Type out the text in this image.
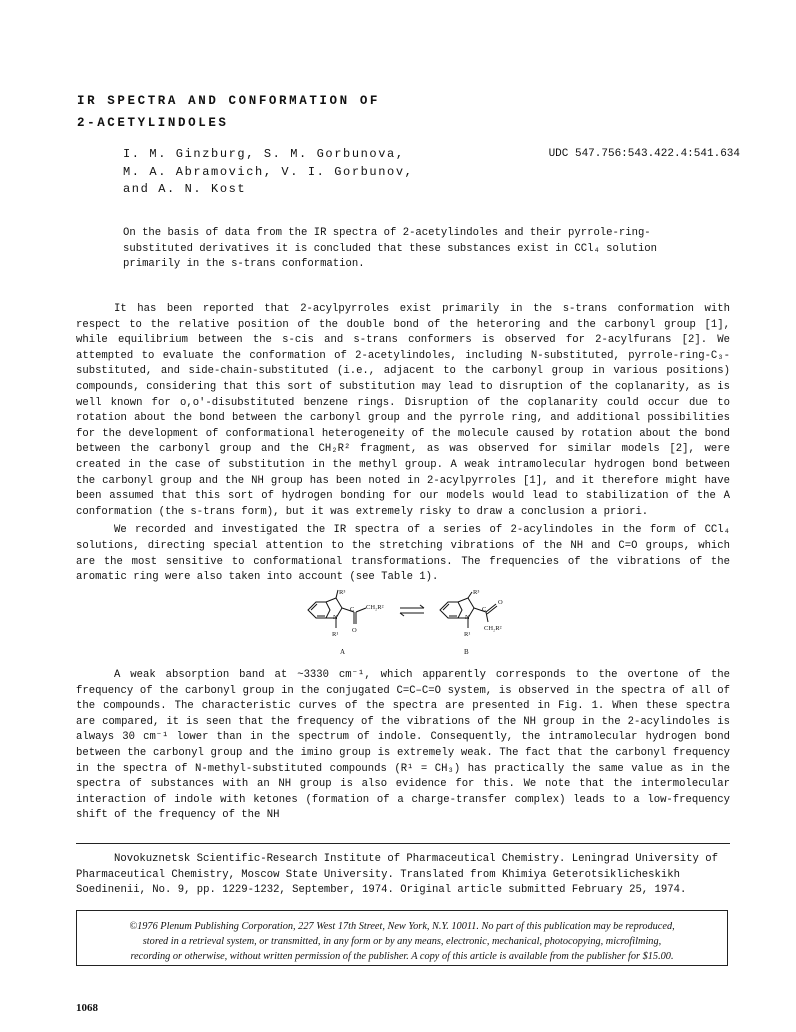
IR SPECTRA AND CONFORMATION OF
2-ACETYLINDOLES
I. M. Ginzburg, S. M. Gorbunova,
M. A. Abramovich, V. I. Gorbunov,
and A. N. Kost
UDC 547.756:543.422.4:541.634
On the basis of data from the IR spectra of 2-acetylindoles and their pyrrole-ring-substituted derivatives it is concluded that these substances exist in CCl₄ solution primarily in the s-trans conformation.

It has been reported that 2-acylpyrroles exist primarily in the s-trans conformation with respect to the relative position of the double bond of the heteroring and the carbonyl group [1], while equilibrium between the s-cis and s-trans conformers is observed for 2-acylfurans [2]. We attempted to evaluate the conformation of 2-acetylindoles, including N-substituted, pyrrole-ring-C₃-substituted, and side-chain-substituted (i.e., adjacent to the carbonyl group in various positions) compounds, considering that this sort of substitution may lead to disruption of the coplanarity, as is well known for o,o′-disubstituted benzene rings. Disruption of the coplanarity could occur due to rotation about the bond between the carbonyl group and the pyrrole ring, and additional possibilities for the development of conformational heterogeneity of the molecule caused by rotation about the bond between the carbonyl group and the CH₂R² fragment, as was observed for similar models [2], were created in the case of substitution in the methyl group. A weak intramolecular hydrogen bond between the carbonyl group and the NH group has been noted in 2-acylpyrroles [1], and it therefore might have been assumed that this sort of hydrogen bonding for our models would lead to stabilization of the A conformation (the s-trans form), but it was extremely risky to draw a conclusion a priori.

We recorded and investigated the IR spectra of a series of 2-acylindoles in the form of CCl₄ solutions, directing special attention to the stretching vibrations of the NH and C=O groups, which are the most sensitive to conformational transformations. The frequencies of the vibrations of the aromatic ring were also taken into account (see Table 1).

R³
N
R¹
C
O
CH₂R²
A
R³
N
R¹
C
O
CH₂R²
B

A weak absorption band at ~3330 cm⁻¹, which apparently corresponds to the overtone of the frequency of the carbonyl group in the conjugated C=C–C=O system, is observed in the spectra of all of the compounds. The characteristic curves of the spectra are presented in Fig. 1. When these spectra are compared, it is seen that the frequency of the vibrations of the NH group in the 2-acylindoles is always 30 cm⁻¹ lower than in the spectrum of indole. Consequently, the intramolecular hydrogen bond between the carbonyl group and the imino group is extremely weak. The fact that the carbonyl frequency in the spectra of N-methyl-substituted compounds (R¹ = CH₃) has practically the same value as in the spectra of substances with an NH group is also evidence for this. We note that the intermolecular interaction of indole with ketones (formation of a charge-transfer complex) leads to a low-frequency shift of the frequency of the NH

Novokuznetsk Scientific-Research Institute of Pharmaceutical Chemistry. Leningrad University of
Pharmaceutical Chemistry, Moscow State University. Translated from Khimiya Geterotsiklicheskikh
Soedinenii, No. 9, pp. 1229-1232, September, 1974. Original article submitted February 25, 1974.
©1976 Plenum Publishing Corporation, 227 West 17th Street, New York, N.Y. 10011. No part of this publication may be reproduced,
stored in a retrieval system, or transmitted, in any form or by any means, electronic, mechanical, photocopying, microfilming,
recording or otherwise, without written permission of the publisher. A copy of this article is available from the publisher for $15.00.
1068
